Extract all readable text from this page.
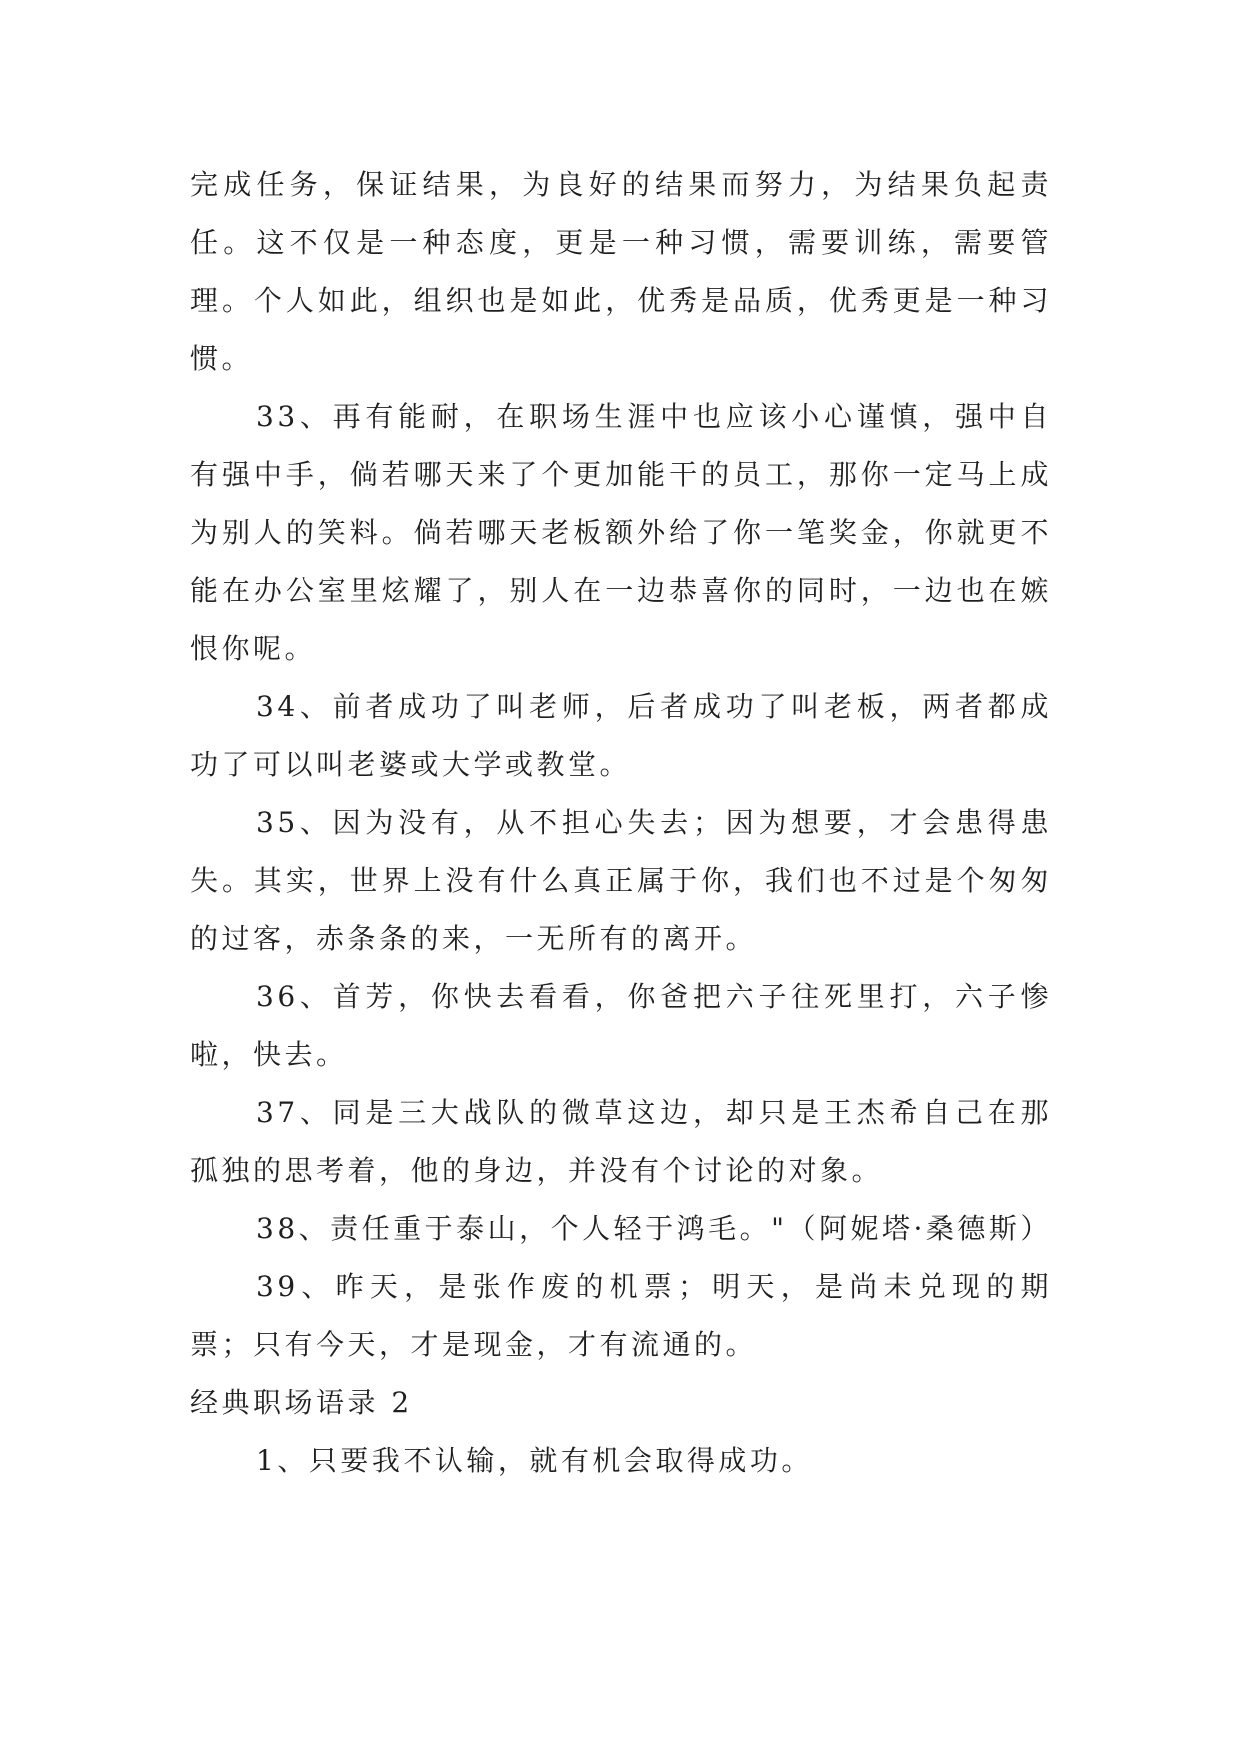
完成任务，保证结果，为良好的结果而努力，为结果负起责任。这不仅是一种态度，更是一种习惯，需要训练，需要管理。个人如此，组织也是如此，优秀是品质，优秀更是一种习惯。

33、再有能耐，在职场生涯中也应该小心谨慎，强中自有强中手，倘若哪天来了个更加能干的员工，那你一定马上成为别人的笑料。倘若哪天老板额外给了你一笔奖金，你就更不能在办公室里炫耀了，别人在一边恭喜你的同时，一边也在嫉恨你呢。

34、前者成功了叫老师，后者成功了叫老板，两者都成功了可以叫老婆或大学或教堂。

35、因为没有，从不担心失去；因为想要，才会患得患失。其实，世界上没有什么真正属于你，我们也不过是个匆匆的过客，赤条条的来，一无所有的离开。

36、首芳，你快去看看，你爸把六子往死里打，六子惨啦，快去。

37、同是三大战队的微草这边，却只是王杰希自己在那孤独的思考着，他的身边，并没有个讨论的对象。

38、责任重于泰山，个人轻于鸿毛。"（阿妮塔·桑德斯）

39、昨天，是张作废的机票；明天，是尚未兑现的期票；只有今天，才是现金，才有流通的。

经典职场语录 2

1、只要我不认输，就有机会取得成功。
